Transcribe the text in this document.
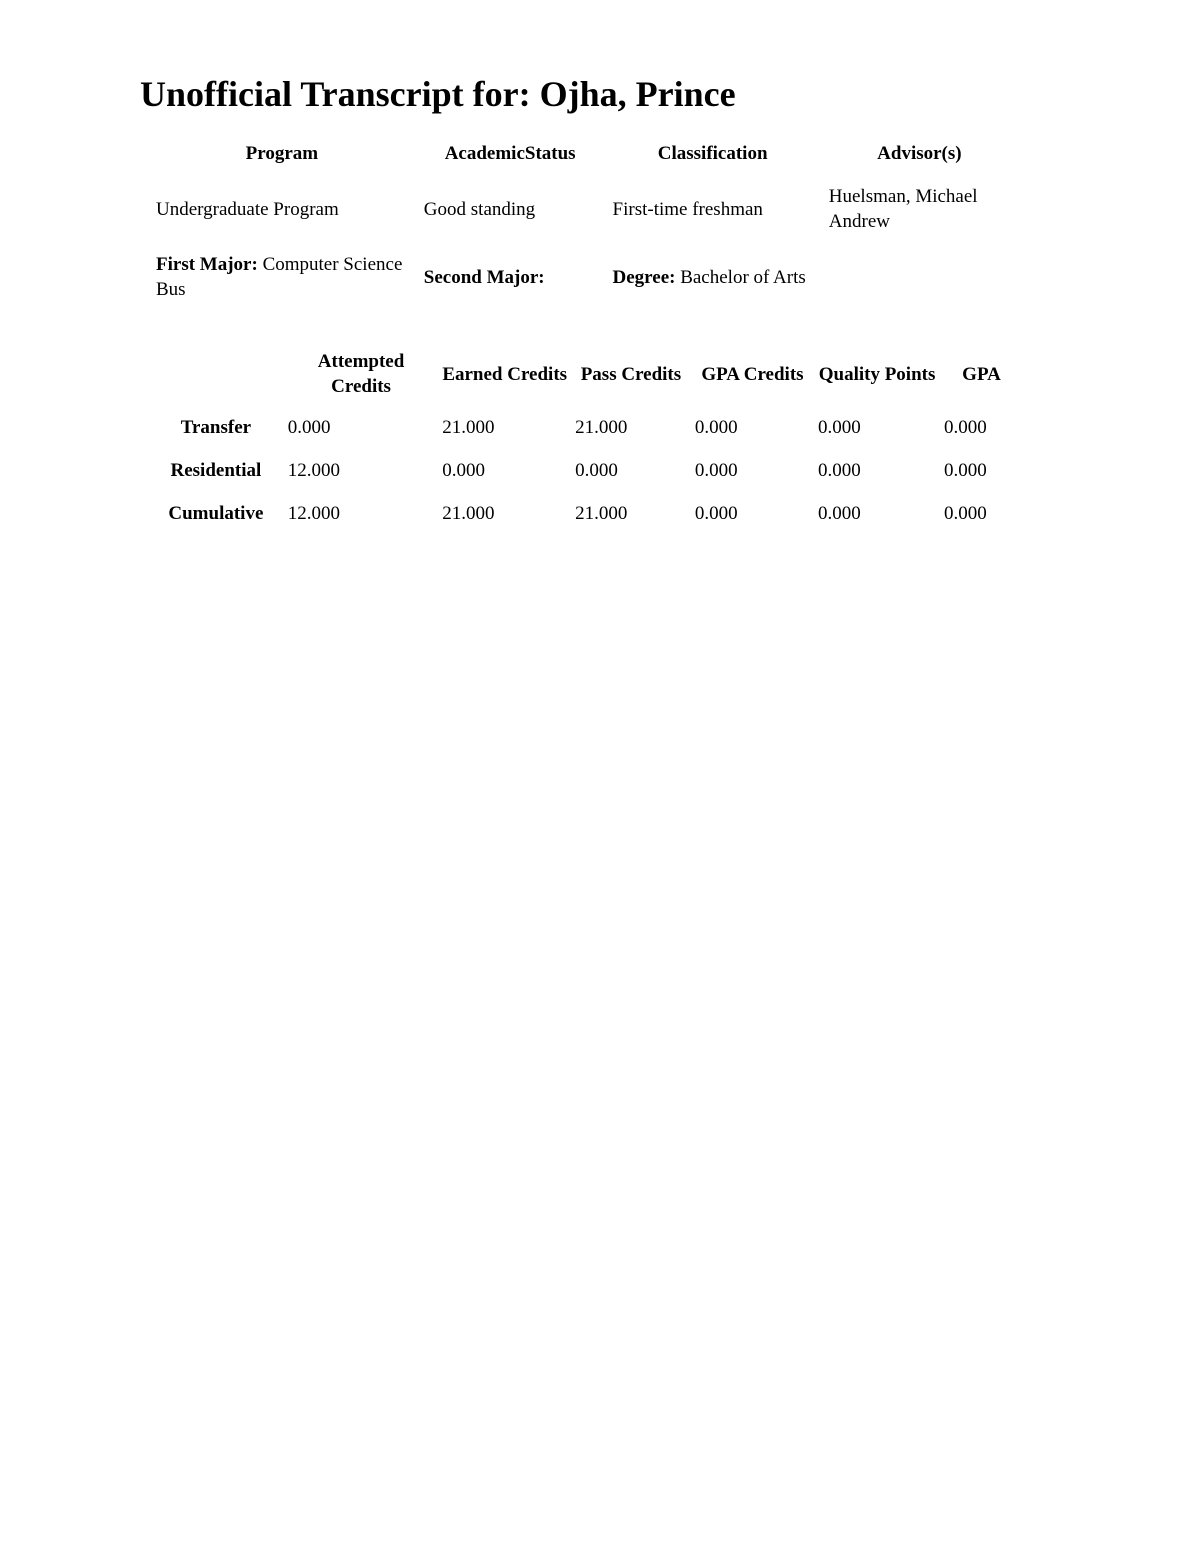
Unofficial Transcript for: Ojha, Prince
Program	AcademicStatus	Classification	Advisor(s)
Undergraduate Program	Good standing	First-time freshman	Huelsman, Michael Andrew
First Major: Computer Science Bus	Second Major:	Degree: Bachelor of Arts	
	Attempted Credits	Earned Credits	Pass Credits	GPA Credits	Quality Points	GPA
Transfer	0.000	21.000	21.000	0.000	0.000	0.000
Residential	12.000	0.000	0.000	0.000	0.000	0.000
Cumulative	12.000	21.000	21.000	0.000	0.000	0.000
